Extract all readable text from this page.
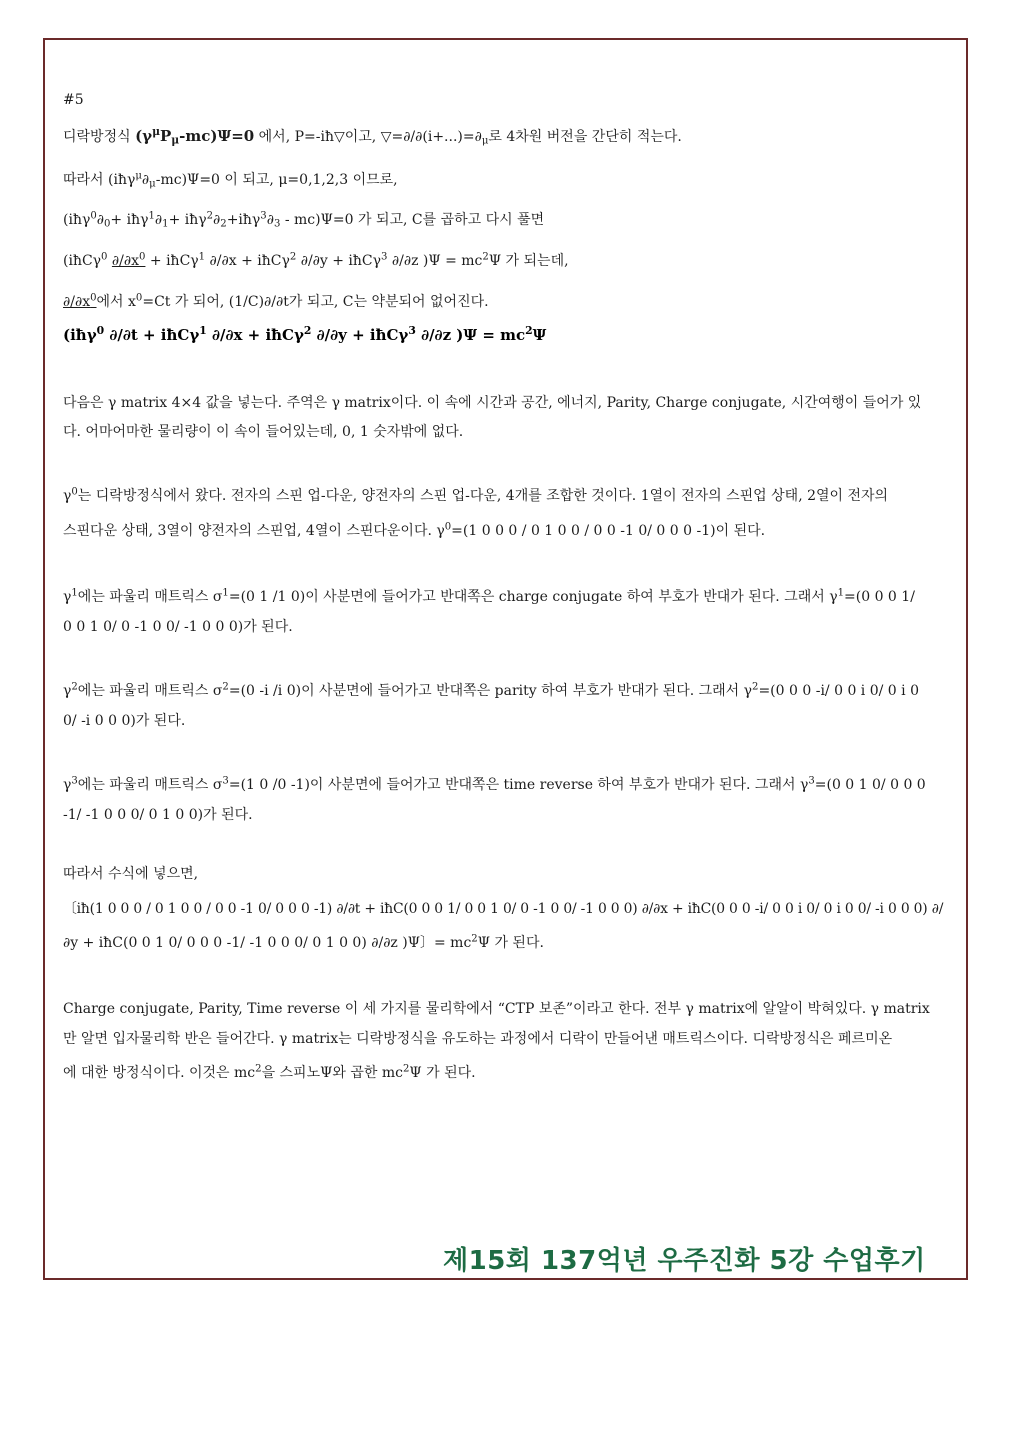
#5
디락방정식 $(\gamma^\mu P_\mu-mc)\Psi=0$ 에서, P=-iħ▽이고, $▽=\partial/\partial(i+...)=\partial_\mu$로 4차원 버전을 간단히 적는다.
따라서 $(iħ\gamma^\mu\partial_\mu-mc)\Psi=0$ 이 되고, μ=0,1,2,3 이므로,
($iħ\gamma^0\partial_0+$ $iħ\gamma^1\partial_1+$ $iħ\gamma^2\partial_2+iħ\gamma^3\partial_3 - mc)\Psi=0$ 가 되고, C를 곱하고 다시 풀면
(iħCγ$^0$ $\partial/\partial x^0$ + iħCγ$^1$ ∂/∂x + iħCγ$^2$ ∂/∂y + iħCγ$^3$ ∂/∂z )$\Psi = mc^2\Psi$ 가 되는데,
$\partial/\partial x^0$에서 $x^0=Ct$ 가 되어, (1/C)∂/∂t가 되고, C는 약분되어 없어진다.
(iħγ$^0$ ∂/∂t + iħCγ$^1$ ∂/∂x + iħCγ$^2$ ∂/∂y + iħCγ$^3$ ∂/∂z )$\Psi = mc^2\Psi$
다음은 γ matrix 4×4 값을 넣는다. 주역은 γ matrix이다. 이 속에 시간과 공간, 에너지, Parity, Charge conjugate, 시간여행이 들어가 있
다. 어마어마한 물리량이 이 속이 들어있는데, 0, 1 숫자밖에 없다.
$\gamma^0$는 디락방정식에서 왔다. 전자의 스핀 업-다운, 양전자의 스핀 업-다운, 4개를 조합한 것이다. 1열이 전자의 스핀업 상태, 2열이 전자의
스핀다운 상태, 3열이 양전자의 스핀업, 4열이 스핀다운이다. $\gamma^0=(1$ 0 0 0 / 0 1 0 0 / 0 0 -1 0/ 0 0 0 -1)이 된다.
$\gamma^1$에는 파울리 매트릭스 $\sigma^1=(0$ 1 /1 0)이 사분면에 들어가고 반대쪽은 charge conjugate 하여 부호가 반대가 된다. 그래서 $\gamma^1=(0$ 0 0 1/
0 0 1 0/ 0 -1 0 0/ -1 0 0 0)가 된다.
$\gamma^2$에는 파울리 매트릭스 $\sigma^2=(0$ -i /i 0)이 사분면에 들어가고 반대쪽은 parity 하여 부호가 반대가 된다. 그래서 $\gamma^2=(0$ 0 0 -i/ 0 0 i 0/ 0 i 0
0/ -i 0 0 0)가 된다.
$\gamma^3$에는 파울리 매트릭스 $\sigma^3=(1$ 0 /0 -1)이 사분면에 들어가고 반대쪽은 time reverse 하여 부호가 반대가 된다. 그래서 $\gamma^3=(0$ 0 1 0/ 0 0 0
-1/ -1 0 0 0/ 0 1 0 0)가 된다.
따라서 수식에 넣으면,
〔iħ(1 0 0 0 / 0 1 0 0 / 0 0 -1 0/ 0 0 0 -1) ∂/∂t + iħC(0 0 0 1/ 0 0 1 0/ 0 -1 0 0/ -1 0 0 0) ∂/∂x + iħC(0 0 0 -i/ 0 0 i 0/ 0 i 0 0/ -i 0 0 0) ∂/
∂y + iħC(0 0 1 0/ 0 0 0 -1/ -1 0 0 0/ 0 1 0 0) ∂/∂z )Ψ〕= $mc^2\Psi$ 가 된다.
Charge conjugate, Parity, Time reverse 이 세 가지를 물리학에서 “CTP 보존”이라고 한다. 전부 γ matrix에 알알이 박혀있다. γ matrix
만 알면 입자물리학 반은 들어간다. γ matrix는 디락방정식을 유도하는 과정에서 디락이 만들어낸 매트릭스이다. 디락방정식은 페르미온
에 대한 방정식이다. 이것은 $mc^2$을 스피노Ψ와 곱한 $mc^2\Psi$ 가 된다.
제15회 137억년 우주진화 5강 수업후기
